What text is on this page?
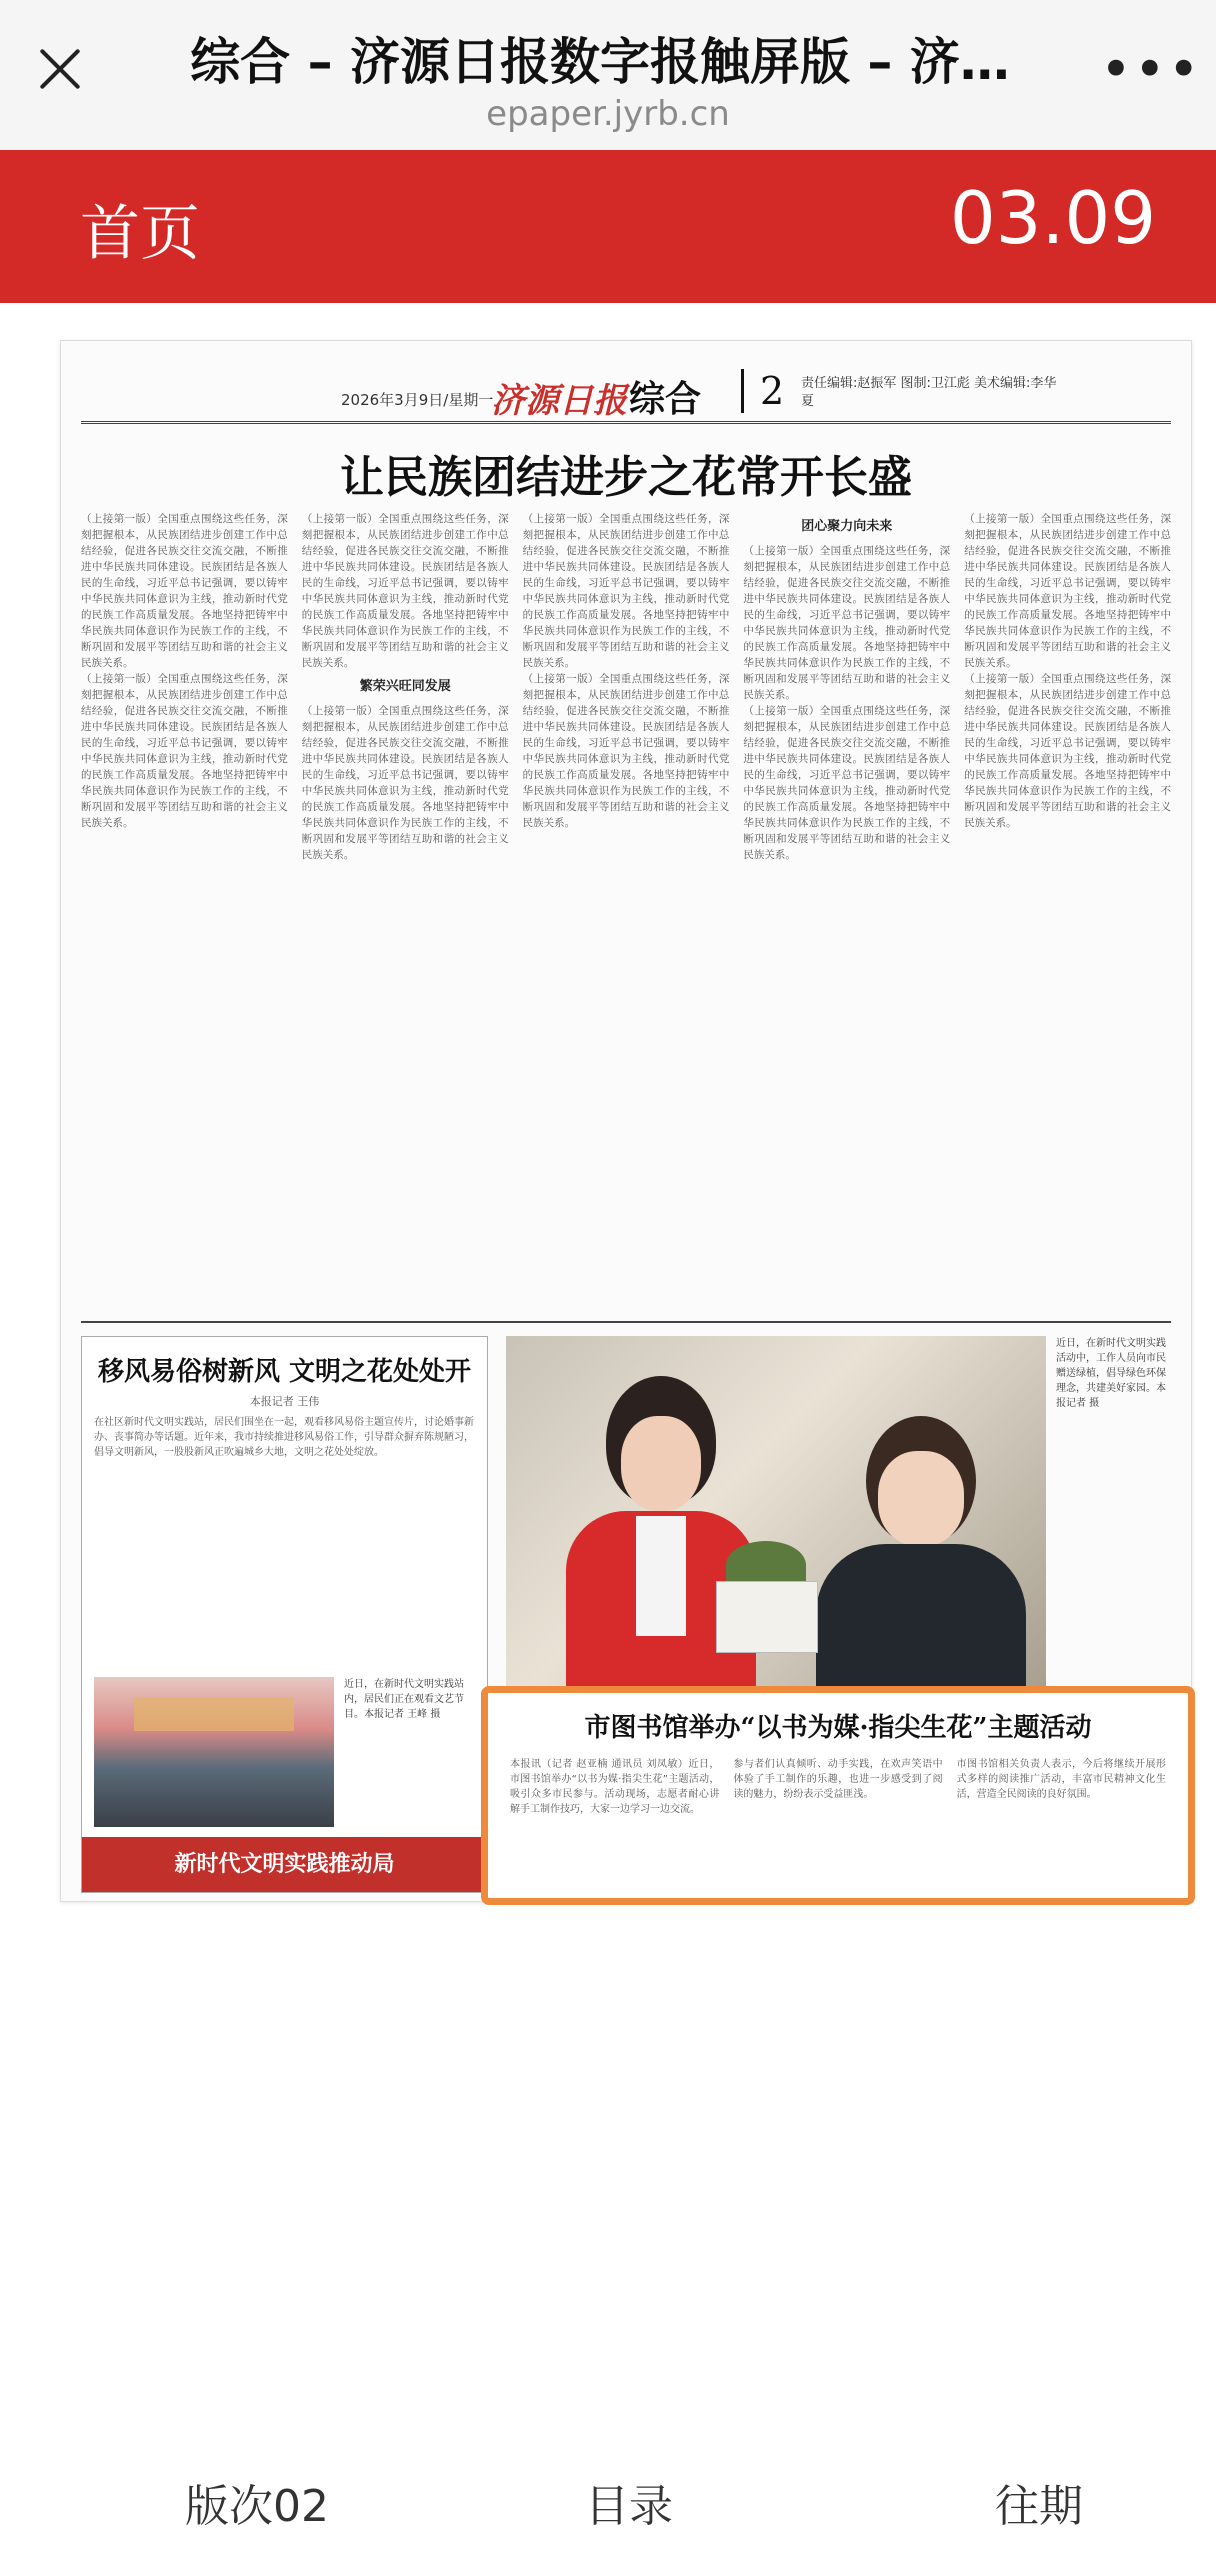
综合 – 济源日报数字报触屏版 – 济…
epaper.jyrb.cn
•••
首页	03.09
2026年3月9日/星期一
济源日报 综合	2 责任编辑:赵振军 图制:卫江彪 美术编辑:李华夏
让民族团结进步之花常开长盛
（上接第一版）全国重点围绕这些任务，深刻把握根本，从民族团结进步创建工作中总结经验，促进各民族交往交流交融，不断推进中华民族共同体建设。民族团结是各族人民的生命线，习近平总书记强调，要以铸牢中华民族共同体意识为主线，推动新时代党的民族工作高质量发展。各地坚持把铸牢中华民族共同体意识作为民族工作的主线，不断巩固和发展平等团结互助和谐的社会主义民族关系。
（上接第一版）全国重点围绕这些任务，深刻把握根本，从民族团结进步创建工作中总结经验，促进各民族交往交流交融，不断推进中华民族共同体建设。民族团结是各族人民的生命线，习近平总书记强调，要以铸牢中华民族共同体意识为主线，推动新时代党的民族工作高质量发展。各地坚持把铸牢中华民族共同体意识作为民族工作的主线，不断巩固和发展平等团结互助和谐的社会主义民族关系。
（上接第一版）全国重点围绕这些任务，深刻把握根本，从民族团结进步创建工作中总结经验，促进各民族交往交流交融，不断推进中华民族共同体建设。民族团结是各族人民的生命线，习近平总书记强调，要以铸牢中华民族共同体意识为主线，推动新时代党的民族工作高质量发展。各地坚持把铸牢中华民族共同体意识作为民族工作的主线，不断巩固和发展平等团结互助和谐的社会主义民族关系。
繁荣兴旺同发展
（上接第一版）全国重点围绕这些任务，深刻把握根本，从民族团结进步创建工作中总结经验，促进各民族交往交流交融，不断推进中华民族共同体建设。民族团结是各族人民的生命线，习近平总书记强调，要以铸牢中华民族共同体意识为主线，推动新时代党的民族工作高质量发展。各地坚持把铸牢中华民族共同体意识作为民族工作的主线，不断巩固和发展平等团结互助和谐的社会主义民族关系。
（上接第一版）全国重点围绕这些任务，深刻把握根本，从民族团结进步创建工作中总结经验，促进各民族交往交流交融，不断推进中华民族共同体建设。民族团结是各族人民的生命线，习近平总书记强调，要以铸牢中华民族共同体意识为主线，推动新时代党的民族工作高质量发展。各地坚持把铸牢中华民族共同体意识作为民族工作的主线，不断巩固和发展平等团结互助和谐的社会主义民族关系。
（上接第一版）全国重点围绕这些任务，深刻把握根本，从民族团结进步创建工作中总结经验，促进各民族交往交流交融，不断推进中华民族共同体建设。民族团结是各族人民的生命线，习近平总书记强调，要以铸牢中华民族共同体意识为主线，推动新时代党的民族工作高质量发展。各地坚持把铸牢中华民族共同体意识作为民族工作的主线，不断巩固和发展平等团结互助和谐的社会主义民族关系。
团心聚力向未来
（上接第一版）全国重点围绕这些任务，深刻把握根本，从民族团结进步创建工作中总结经验，促进各民族交往交流交融，不断推进中华民族共同体建设。民族团结是各族人民的生命线，习近平总书记强调，要以铸牢中华民族共同体意识为主线，推动新时代党的民族工作高质量发展。各地坚持把铸牢中华民族共同体意识作为民族工作的主线，不断巩固和发展平等团结互助和谐的社会主义民族关系。
（上接第一版）全国重点围绕这些任务，深刻把握根本，从民族团结进步创建工作中总结经验，促进各民族交往交流交融，不断推进中华民族共同体建设。民族团结是各族人民的生命线，习近平总书记强调，要以铸牢中华民族共同体意识为主线，推动新时代党的民族工作高质量发展。各地坚持把铸牢中华民族共同体意识作为民族工作的主线，不断巩固和发展平等团结互助和谐的社会主义民族关系。
（上接第一版）全国重点围绕这些任务，深刻把握根本，从民族团结进步创建工作中总结经验，促进各民族交往交流交融，不断推进中华民族共同体建设。民族团结是各族人民的生命线，习近平总书记强调，要以铸牢中华民族共同体意识为主线，推动新时代党的民族工作高质量发展。各地坚持把铸牢中华民族共同体意识作为民族工作的主线，不断巩固和发展平等团结互助和谐的社会主义民族关系。
（上接第一版）全国重点围绕这些任务，深刻把握根本，从民族团结进步创建工作中总结经验，促进各民族交往交流交融，不断推进中华民族共同体建设。民族团结是各族人民的生命线，习近平总书记强调，要以铸牢中华民族共同体意识为主线，推动新时代党的民族工作高质量发展。各地坚持把铸牢中华民族共同体意识作为民族工作的主线，不断巩固和发展平等团结互助和谐的社会主义民族关系。
移风易俗树新风 文明之花处处开
本报记者 王伟
在社区新时代文明实践站，居民们围坐在一起，观看移风易俗主题宣传片，讨论婚事新办、丧事简办等话题。近年来，我市持续推进移风易俗工作，引导群众摒弃陈规陋习，倡导文明新风，一股股新风正吹遍城乡大地，文明之花处处绽放。
近日，在新时代文明实践站内，居民们正在观看文艺节目。本报记者 王峰 摄
新时代文明实践推动局
近日，在新时代文明实践活动中，工作人员向市民赠送绿植，倡导绿色环保理念，共建美好家园。本报记者 摄
市图书馆举办“以书为媒·指尖生花”主题活动
本报讯（记者 赵亚楠 通讯员 刘凤敏）近日，市图书馆举办“以书为媒·指尖生花”主题活动，吸引众多市民参与。活动现场，志愿者耐心讲解手工制作技巧，大家一边学习一边交流。
参与者们认真倾听、动手实践，在欢声笑语中体验了手工制作的乐趣，也进一步感受到了阅读的魅力，纷纷表示受益匪浅。
市图书馆相关负责人表示，今后将继续开展形式多样的阅读推广活动，丰富市民精神文化生活，营造全民阅读的良好氛围。
版次02	目录	往期
